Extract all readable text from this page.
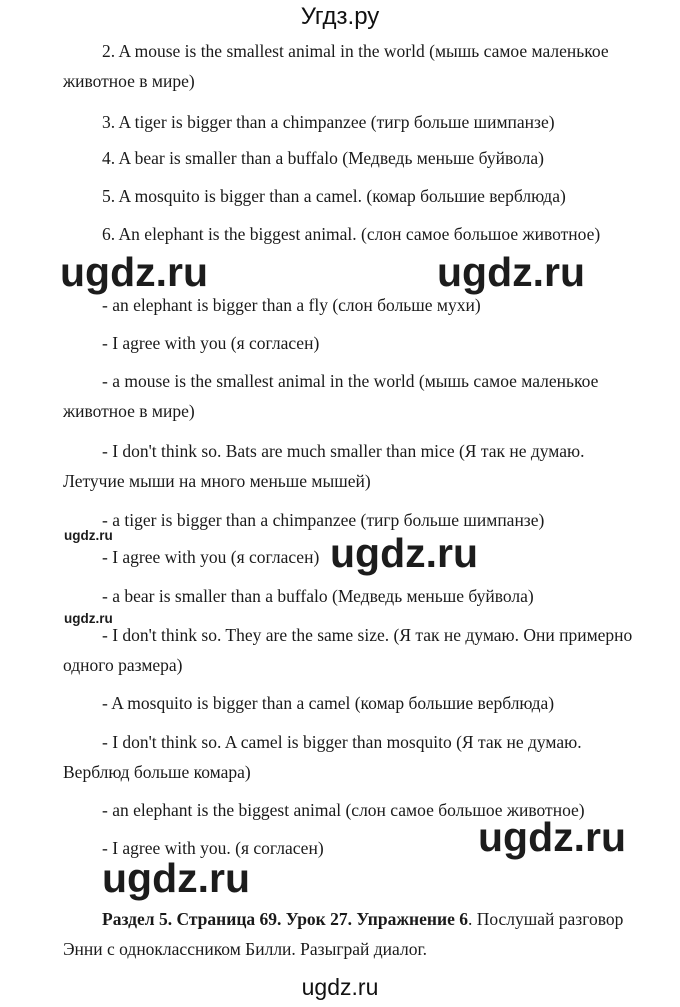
Угдз.ру
2. A mouse is the smallest animal in the world (мышь самое маленькое
животное в мире)
3. A tiger is bigger than a chimpanzee (тигр больше шимпанзе)
4. A bear is smaller than a buffalo (Медведь меньше буйвола)
5. A mosquito is bigger than a camel. (комар большие верблюда)
6. An elephant is the biggest animal. (слон самое большое животное)
ugdz.ru	ugdz.ru
- an elephant is bigger than a fly (слон больше мухи)
- I agree with you (я согласен)
- a mouse is the smallest animal in the world (мышь самое маленькое
животное в мире)
- I don't think so. Bats are much smaller than mice (Я так не думаю.
Летучие мыши на много меньше мышей)
ugdz.ru
- a tiger is bigger than a chimpanzee (тигр больше шимпанзе)
- I agree with you (я согласен) ugdz.ru
- a bear is smaller than a buffalo (Медведь меньше буйвола)
ugdz.ru
- I don't think so. They are the same size. (Я так не думаю. Они примерно
одного размера)
- A mosquito is bigger than a camel (комар большие верблюда)
- I don't think so. A camel is bigger than mosquito (Я так не думаю.
Верблюд больше комара)
- an elephant is the biggest animal (слон самое большое животное)
ugdz.ru
- I agree with you. (я согласен)
ugdz.ru
Раздел 5. Страница 69. Урок 27. Упражнение 6. Послушай разговор
Энни с одноклассником Билли. Разыграй диалог.
ugdz.ru
